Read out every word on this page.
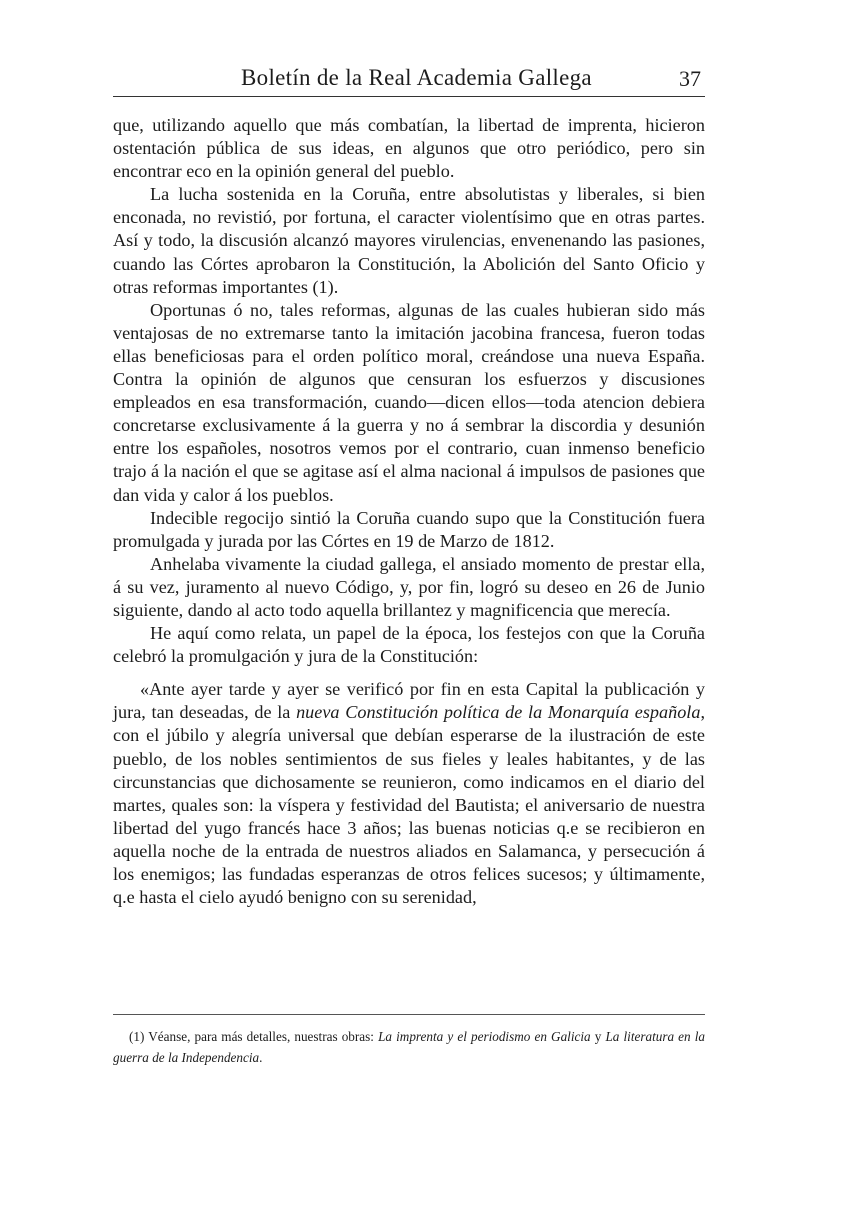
Boletín de la Real Academia Gallega	37

que, utilizando aquello que más combatían, la libertad de imprenta, hicieron ostentación pública de sus ideas, en algunos que otro periódico, pero sin encontrar eco en la opinión general del pueblo.

La lucha sostenida en la Coruña, entre absolutistas y liberales, si bien enconada, no revistió, por fortuna, el caracter violentísimo que en otras partes. Así y todo, la discusión alcanzó mayores virulencias, envenenando las pasiones, cuando las Córtes aprobaron la Constitución, la Abolición del Santo Oficio y otras reformas importantes (1).

Oportunas ó no, tales reformas, algunas de las cuales hubieran sido más ventajosas de no extremarse tanto la imitación jacobina francesa, fueron todas ellas beneficiosas para el orden político moral, creándose una nueva España. Contra la opinión de algunos que censuran los esfuerzos y discusiones empleados en esa transformación, cuando—dicen ellos—toda atencion debiera concretarse exclusivamente á la guerra y no á sembrar la discordia y desunión entre los españoles, nosotros vemos por el contrario, cuan inmenso beneficio trajo á la nación el que se agitase así el alma nacional á impulsos de pasiones que dan vida y calor á los pueblos.

Indecible regocijo sintió la Coruña cuando supo que la Constitución fuera promulgada y jurada por las Córtes en 19 de Marzo de 1812.

Anhelaba vivamente la ciudad gallega, el ansiado momento de prestar ella, á su vez, juramento al nuevo Código, y, por fin, logró su deseo en 26 de Junio siguiente, dando al acto todo aquella brillantez y magnificencia que merecía.

He aquí como relata, un papel de la época, los festejos con que la Coruña celebró la promulgación y jura de la Constitución:

«Ante ayer tarde y ayer se verificó por fin en esta Capital la publicación y jura, tan deseadas, de la nueva Constitución política de la Monarquía española, con el júbilo y alegría universal que debían esperarse de la ilustración de este pueblo, de los nobles sentimientos de sus fieles y leales habitantes, y de las circunstancias que dichosamente se reunieron, como indicamos en el diario del martes, quales son: la víspera y festividad del Bautista; el aniversario de nuestra libertad del yugo francés hace 3 años; las buenas noticias q.e se recibieron en aquella noche de la entrada de nuestros aliados en Salamanca, y persecución á los enemigos; las fundadas esperanzas de otros felices sucesos; y últimamente, q.e hasta el cielo ayudó benigno con su serenidad,

(1) Véanse, para más detalles, nuestras obras: La imprenta y el periodismo en Galicia y La literatura en la guerra de la Independencia.
